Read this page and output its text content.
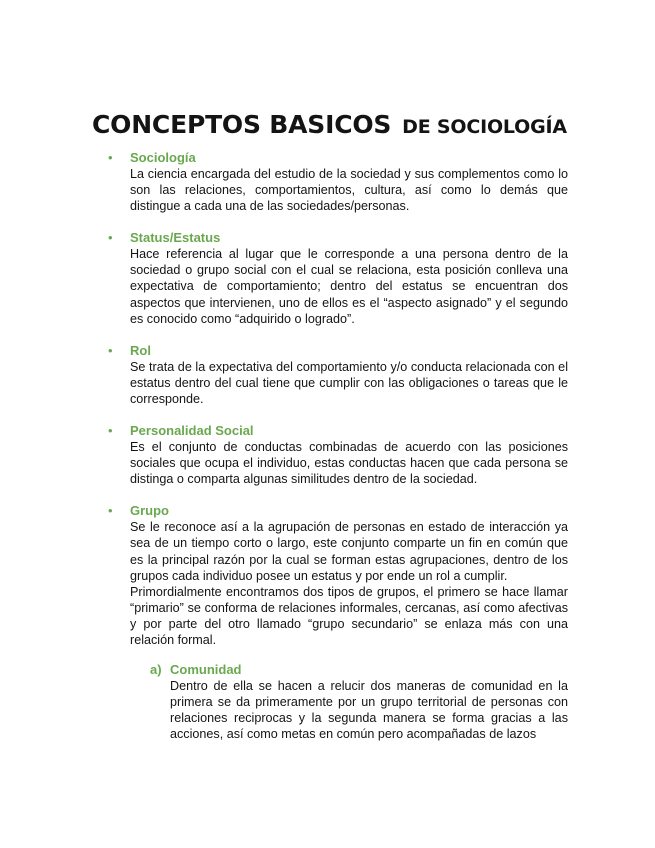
CONCEPTOS BASICOS DE SOCIOLOGÍA
• Sociología

La ciencia encargada del estudio de la sociedad y sus complementos como lo son las relaciones, comportamientos, cultura, así como lo demás que distingue a cada una de las sociedades/personas.

• Status/Estatus

Hace referencia al lugar que le corresponde a una persona dentro de la sociedad o grupo social con el cual se relaciona, esta posición conlleva una expectativa de comportamiento; dentro del estatus se encuentran dos aspectos que intervienen, uno de ellos es el “aspecto asignado” y el segundo es conocido como “adquirido o logrado”.

• Rol

Se trata de la expectativa del comportamiento y/o conducta relacionada con el estatus dentro del cual tiene que cumplir con las obligaciones o tareas que le corresponde.

• Personalidad Social

Es el conjunto de conductas combinadas de acuerdo con las posiciones sociales que ocupa el individuo, estas conductas hacen que cada persona se distinga o comparta algunas similitudes dentro de la sociedad.

• Grupo

Se le reconoce así a la agrupación de personas en estado de interacción ya sea de un tiempo corto o largo, este conjunto comparte un fin en común que es la principal razón por la cual se forman estas agrupaciones, dentro de los grupos cada individuo posee un estatus y por ende un rol a cumplir.

Primordialmente encontramos dos tipos de grupos, el primero se hace llamar “primario” se conforma de relaciones informales, cercanas, así como afectivas y por parte del otro llamado “grupo secundario” se enlaza más con una relación formal.

a) Comunidad

Dentro de ella se hacen a relucir dos maneras de comunidad en la primera se da primeramente por un grupo territorial de personas con relaciones reciprocas y la segunda manera se forma gracias a las acciones, así como metas en común pero acompañadas de lazos
